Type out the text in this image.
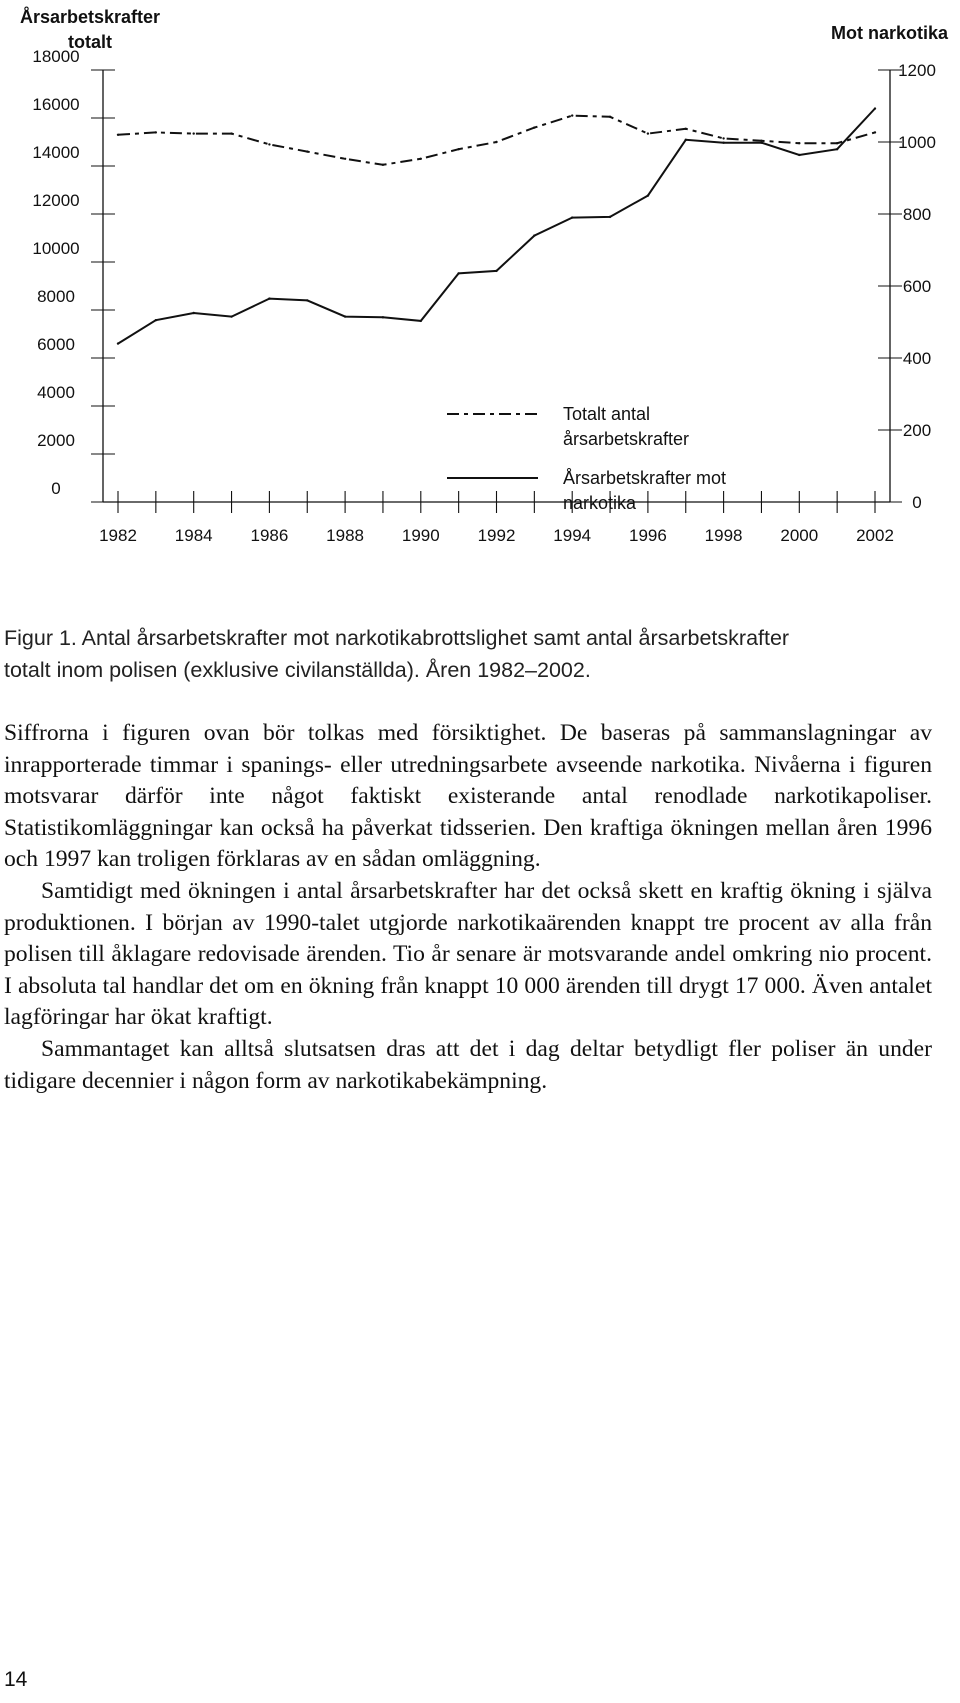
Årsarbetskrafter
totalt	Mot narkotika
0
2000
4000
6000
8000
10000
12000
14000
16000
18000
0
200
400
600
800
1000
1200
1982 1984 1986 1988 1990 1992 1994 1996 1998 2000 2002
Totalt antal
årsarbetskrafter
Årsarbetskrafter mot
narkotika
Figur 1. Antal årsarbetskrafter mot narkotikabrottslighet samt antal årsarbetskrafter
totalt inom polisen (exklusive civilanställda). Åren 1982–2002.

Siffrorna i figuren ovan bör tolkas med försiktighet. De baseras på sammanslagningar av inrapporterade timmar i spanings- eller utredningsarbete avseende narkotika. Nivåerna i figuren motsvarar därför inte något faktiskt existerande antal renodlade narkotikapoliser. Statistikomläggningar kan också ha påverkat tidsserien. Den kraftiga ökningen mellan åren 1996 och 1997 kan troligen förklaras av en sådan omläggning.

Samtidigt med ökningen i antal årsarbetskrafter har det också skett en kraftig ökning i själva produktionen. I början av 1990-talet utgjorde narkotikaärenden knappt tre procent av alla från polisen till åklagare redovisade ärenden. Tio år senare är motsvarande andel omkring nio procent. I absoluta tal handlar det om en ökning från knappt 10 000 ärenden till drygt 17 000. Även antalet lagföringar har ökat kraftigt.

Sammantaget kan alltså slutsatsen dras att det i dag deltar betydligt fler poliser än under tidigare decennier i någon form av narkotikabekämpning.

14
